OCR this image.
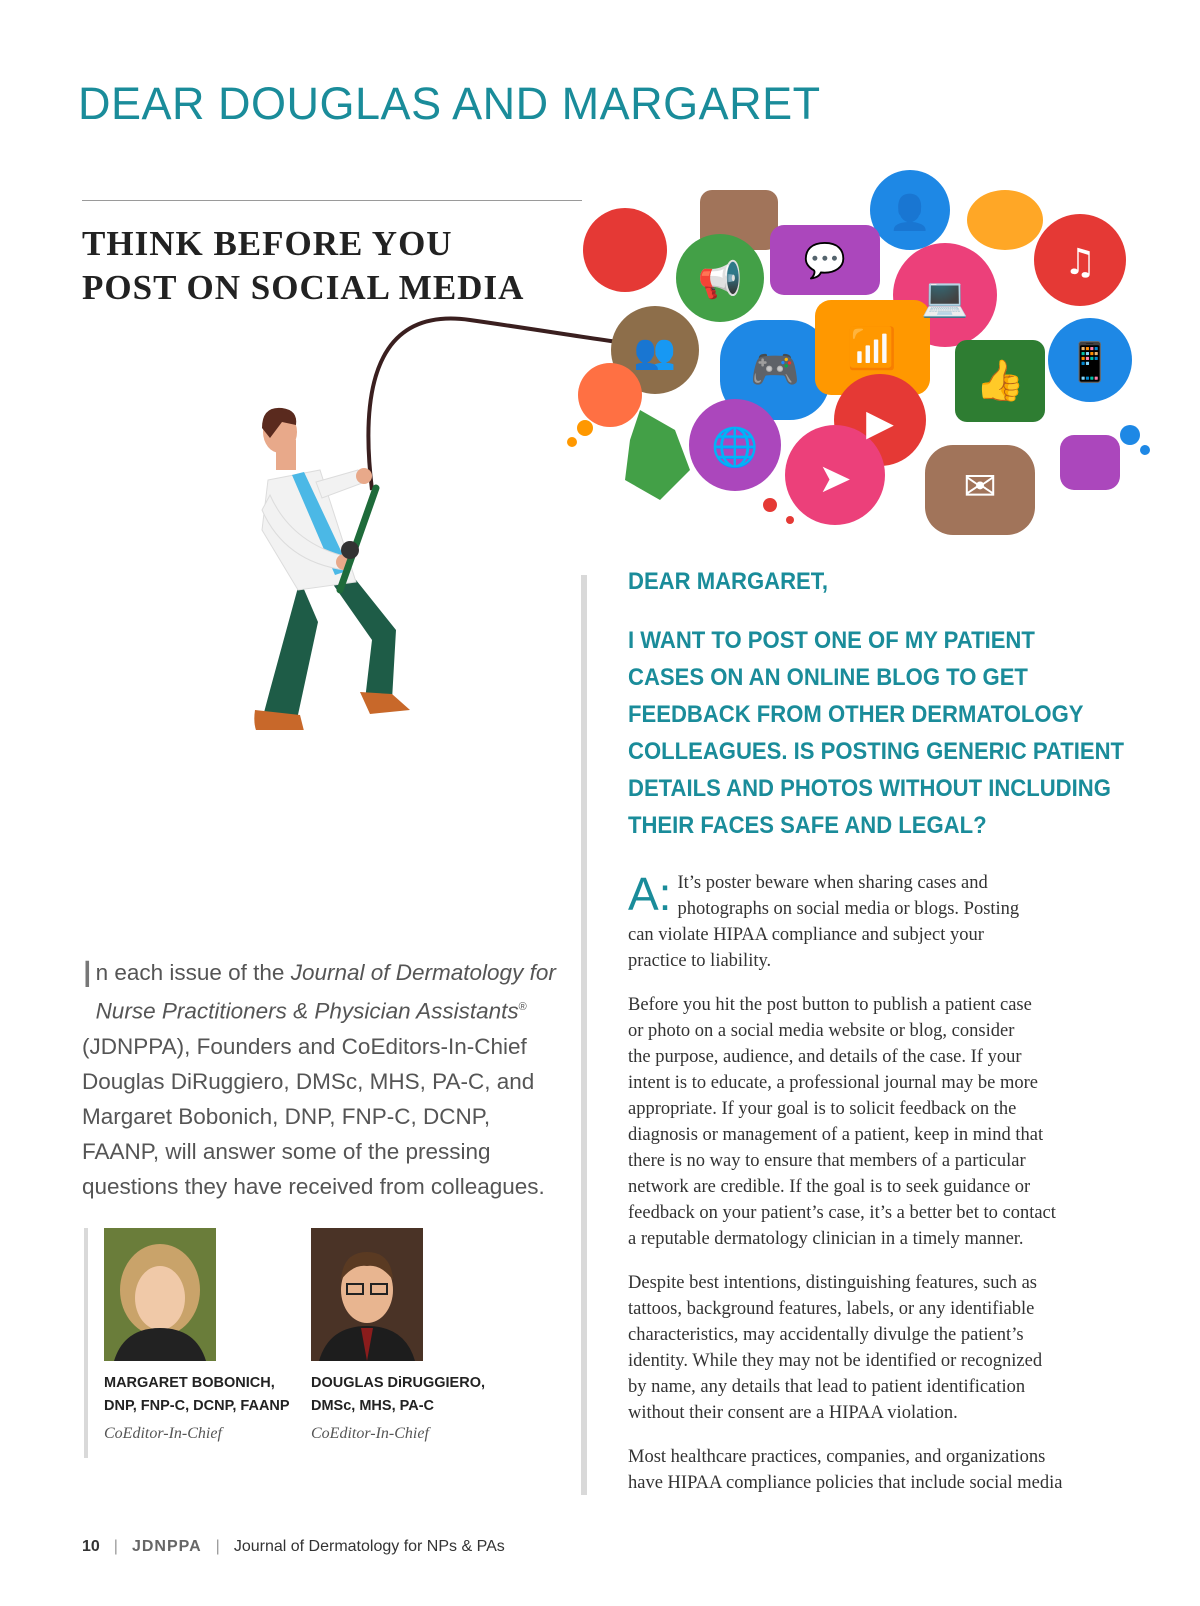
DEAR DOUGLAS AND MARGARET
THINK BEFORE YOU
POST ON SOCIAL MEDIA	📢 💬
👤
💻
♫
👥 🎮 📶
👍 📱
🌐
➤
▶
✉

In each issue of the Journal of Dermatology for Nurse Practitioners & Physician Assistants® (JDNPPA), Founders and CoEditors-In-Chief Douglas DiRuggiero, DMSc, MHS, PA-C, and Margaret Bobonich, DNP, FNP-C, DCNP, FAANP, will answer some of the pressing questions they have received from colleagues.

MARGARET BOBONICH,
DNP, FNP-C, DCNP, FAANP
CoEditor-In-Chief
DOUGLAS DiRUGGIERO,
DMSc, MHS, PA-C
CoEditor-In-Chief
DEAR MARGARET,
I WANT TO POST ONE OF MY PATIENT
CASES ON AN ONLINE BLOG TO GET
FEEDBACK FROM OTHER DERMATOLOGY
COLLEAGUES. IS POSTING GENERIC PATIENT
DETAILS AND PHOTOS WITHOUT INCLUDING
THEIR FACES SAFE AND LEGAL?

A: It’s poster beware when sharing cases and
photographs on social media or blogs. Posting
can violate HIPAA compliance and subject your
practice to liability.

Before you hit the post button to publish a patient case
or photo on a social media website or blog, consider
the purpose, audience, and details of the case. If your
intent is to educate, a professional journal may be more
appropriate. If your goal is to solicit feedback on the
diagnosis or management of a patient, keep in mind that
there is no way to ensure that members of a particular
network are credible. If the goal is to seek guidance or
feedback on your patient’s case, it’s a better bet to contact
a reputable dermatology clinician in a timely manner.

Despite best intentions, distinguishing features, such as
tattoos, background features, labels, or any identifiable
characteristics, may accidentally divulge the patient’s
identity. While they may not be identified or recognized
by name, any details that lead to patient identification
without their consent are a HIPAA violation.

Most healthcare practices, companies, and organizations
have HIPAA compliance policies that include social media

10 | JDNPPA | Journal of Dermatology for NPs & PAs
